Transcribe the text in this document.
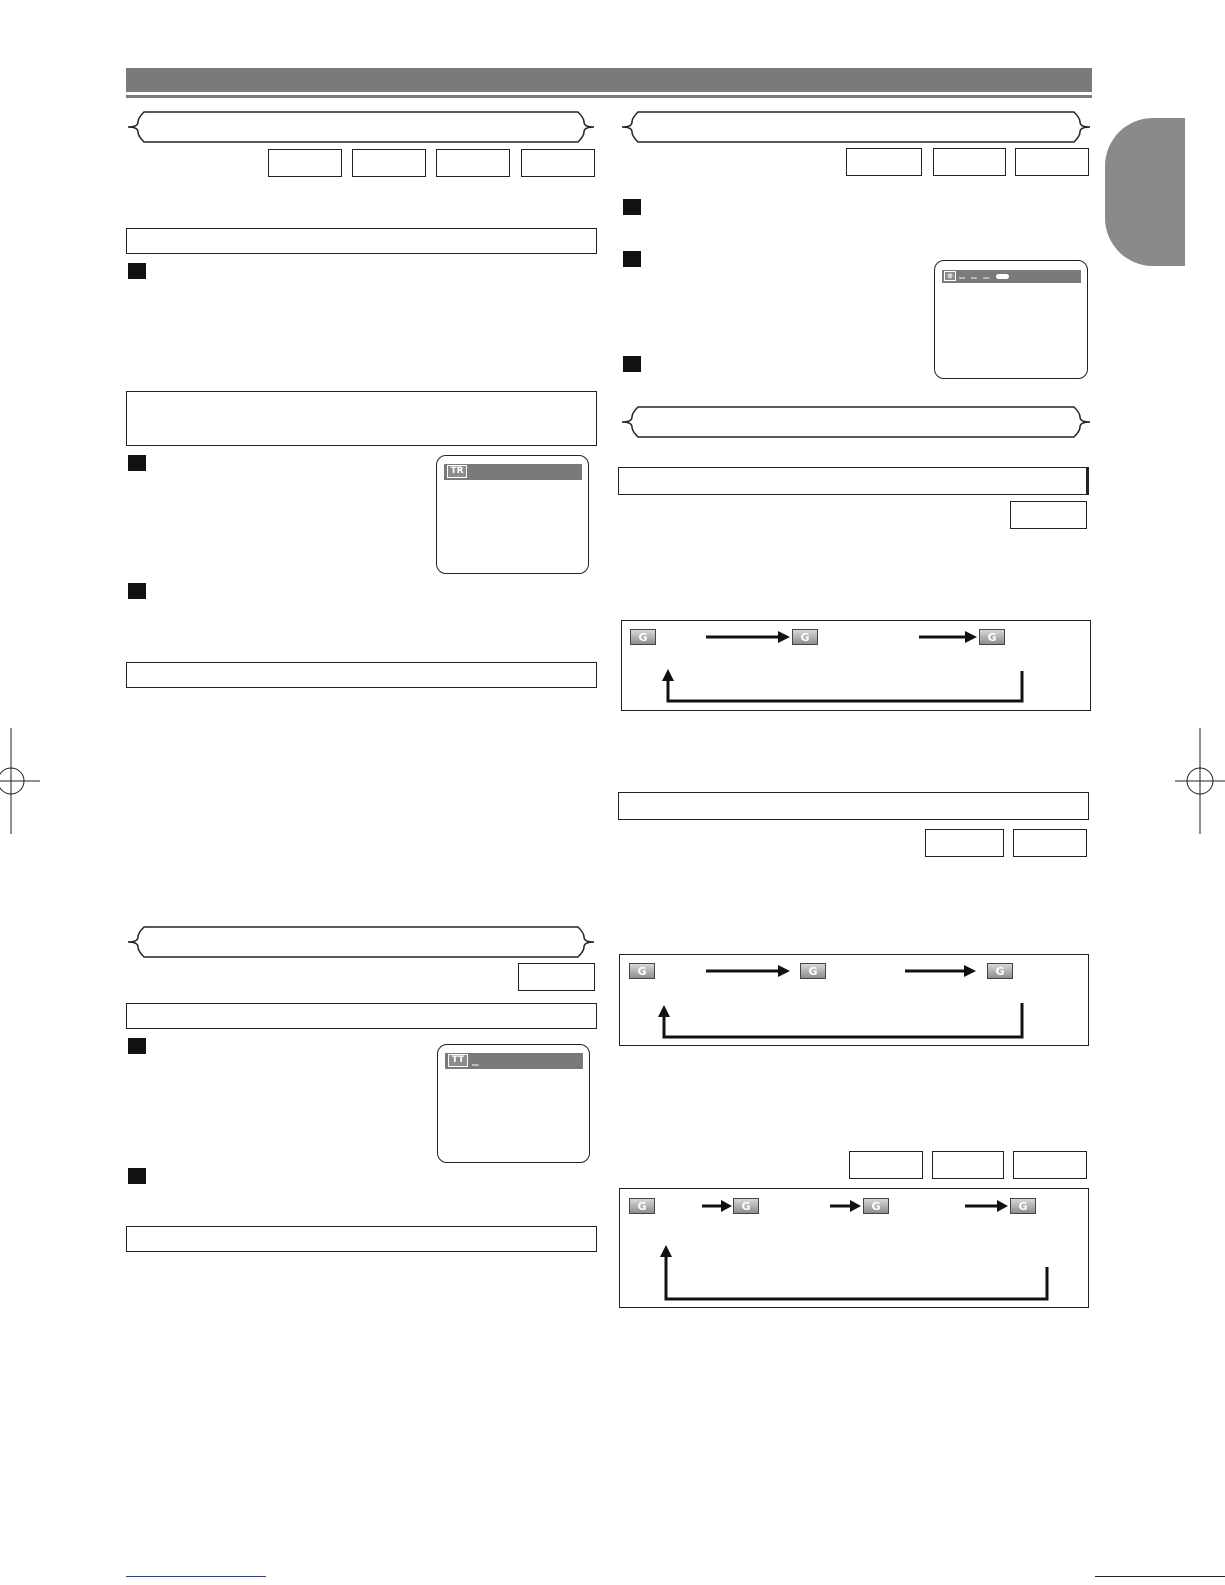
TR
TT _
⊕ _ _ _
G	G	G
G	G	G
G	G	G	G
